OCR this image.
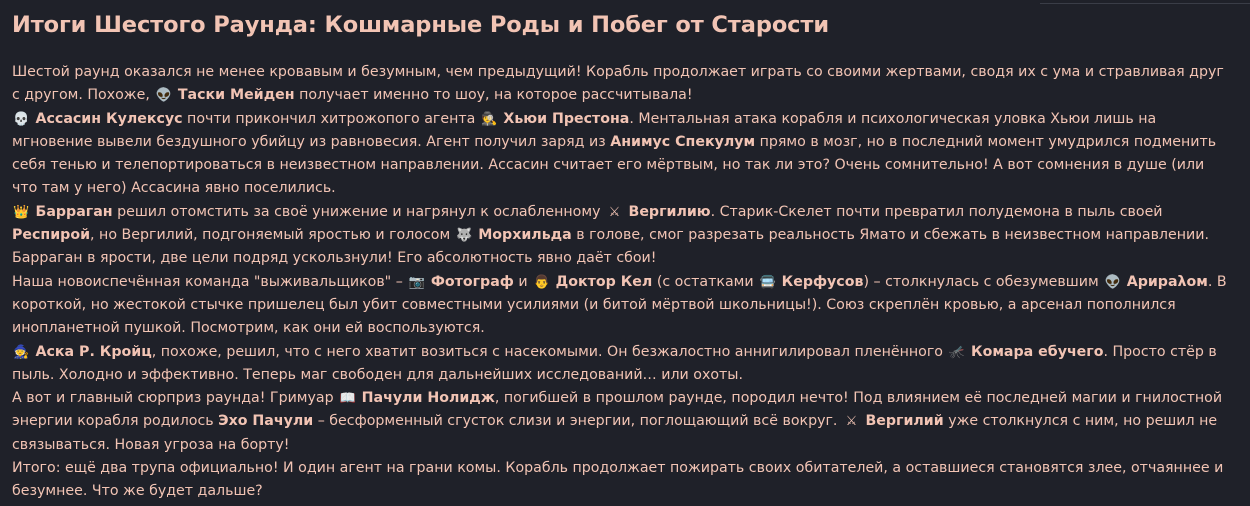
Итоги Шестого Раунда: Кошмарные Роды и Побег от Старости

Шестой раунд оказался не менее кровавым и безумным, чем предыдущий! Корабль продолжает играть со своими жертвами, сводя их с ума и стравливая друг с другом. Похоже, 👽 Таски Мейден получает именно то шоу, на которое рассчитывала!

💀 Ассасин Кулексус почти прикончил хитрожопого агента 🕵 Хьюи Престона. Ментальная атака корабля и психологическая уловка Хьюи лишь на мгновение вывели бездушного убийцу из равновесия. Агент получил заряд из Анимус Спекулум прямо в мозг, но в последний момент умудрился подменить себя тенью и телепортироваться в неизвестном направлении. Ассасин считает его мёртвым, но так ли это? Очень сомнительно! А вот сомнения в душе (или что там у него) Ассасина явно поселились.

👑 Барраган решил отомстить за своё унижение и нагрянул к ослабленному ⚔ Вергилию. Старик-Скелет почти превратил полудемона в пыль своей Респирой, но Вергилий, подгоняемый яростью и голосом 🐺 Морхильда в голове, смог разрезать реальность Ямато и сбежать в неизвестном направлении. Барраган в ярости, две цели подряд ускользнули! Его абсолютность явно даёт сбои!

Наша новоиспечённая команда "выживальщиков" – 📷 Фотограф и 👨 Доктор Кел (с остатками 🚍 Керфусов) – столкнулась с обезумевшим 👽 Арираλом. В короткой, но жестокой стычке пришелец был убит совместными усилиями (и битой мёртвой школьницы!). Союз скреплён кровью, а арсенал пополнился инопланетной пушкой. Посмотрим, как они ей воспользуются.

🧙 Аска Р. Кройц, похоже, решил, что с него хватит возиться с насекомыми. Он безжалостно аннигилировал пленённого 🦟 Комара ебучего. Просто стёр в пыль. Холодно и эффективно. Теперь маг свободен для дальнейших исследований… или охоты.

А вот и главный сюрприз раунда! Гримуар 📖 Пачули Нолидж, погибшей в прошлом раунде, породил нечто! Под влиянием её последней магии и гнилостной энергии корабля родилось Эхо Пачули – бесформенный сгусток слизи и энергии, поглощающий всё вокруг. ⚔ Вергилий уже столкнулся с ним, но решил не связываться. Новая угроза на борту!

Итого: ещё два трупа официально! И один агент на грани комы. Корабль продолжает пожирать своих обитателей, а оставшиеся становятся злее, отчаяннее и безумнее. Что же будет дальше?
